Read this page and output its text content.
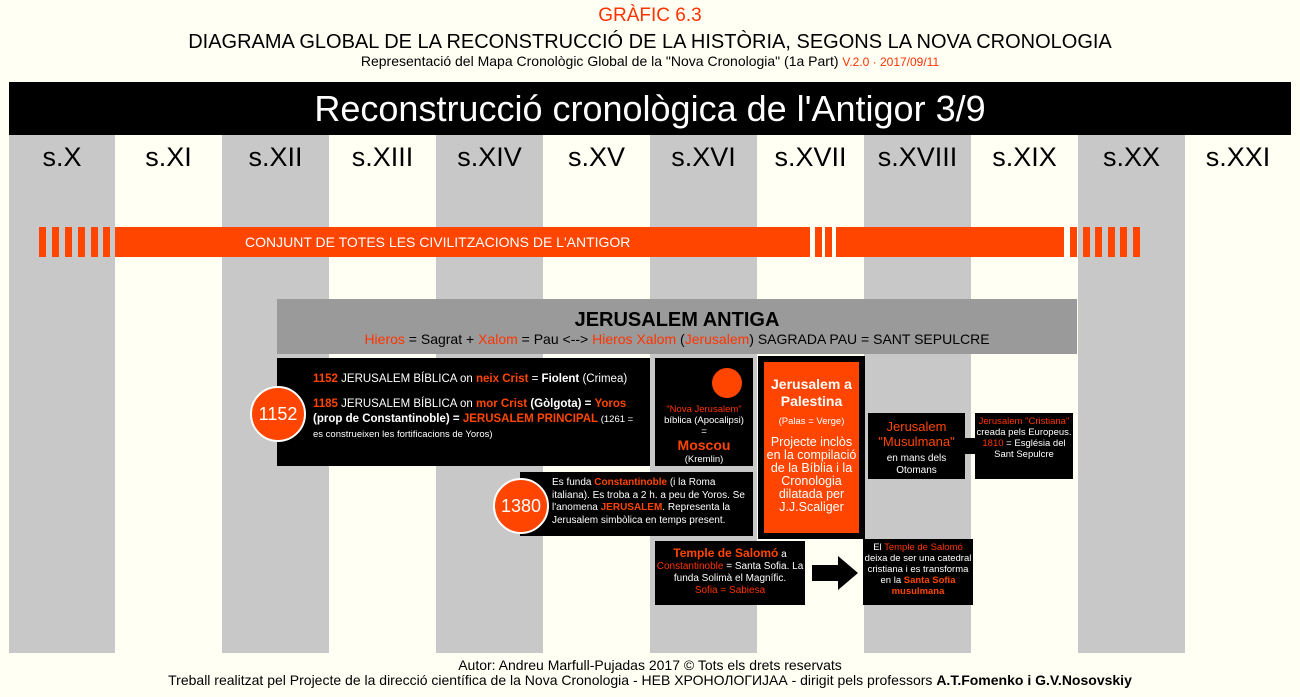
GRÀFIC 6.3
DIAGRAMA GLOBAL DE LA RECONSTRUCCIÓ DE LA HISTÒRIA, SEGONS LA NOVA CRONOLOGIA
Representació del Mapa Cronològic Global de la "Nova Cronologia" (1a Part) V.2.0 · 2017/09/11
Reconstrucció cronològica de l'Antigor 3/9
s.X	s.XI	s.XII	s.XIII	s.XIV	s.XV	s.XVI	s.XVII	s.XVIII	s.XIX	s.XX	s.XXI
CONJUNT DE TOTES LES CIVILITZACIONS DE L'ANTIGOR
JERUSALEM ANTIGA
Hieros = Sagrat + Xalom = Pau <--> Hieros Xalom (Jerusalem) SAGRADA PAU = SANT SEPULCRE

1152 JERUSALEM BÍBLICA on neix Crist = Fiolent (Crimea)

1185 JERUSALEM BÍBLICA on mor Crist (Gòlgota) = Yoros (prop de Constantinoble) = JERUSALEM PRINCIPAL (1261 = es construeixen les fortificacions de Yoros)

1152	"Nova Jerusalem"
bíblica (Apocalipsi)
=
Moscou
(Kremlin)
Es funda Constantinoble (i la Roma italiana). Es troba a 2 h. a peu de Yoros. Se l'anomena JERUSALEM. Representa la Jerusalem simbòlica en temps present.
1380
Jerusalem a Palestina
(Palas = Verge)
Projecte inclòs en la compilació de la Bíblia i la Cronologia dilatada per J.J.Scaliger
Jerusalem "Musulmana"
en mans dels Otomans
Jerusalem "Cristiana" creada pels Europeus.
1810 = Església del Sant Sepulcre
Temple de Salomó a
Constantinoble = Santa Sofia. La funda Solimà el Magnífic.
Sofia = Sabiesa
El Temple de Salomó deixa de ser una catedral cristiana i es transforma en la Santa Sofia musulmana
Autor: Andreu Marfull-Pujadas 2017 © Tots els drets reservats
Treball realitzat pel Projecte de la direcció científica de la Nova Cronologia - НЕВ ХРОНОЛОГИЈАА - dirigit pels professors A.T.Fomenko i G.V.Nosovskiy
